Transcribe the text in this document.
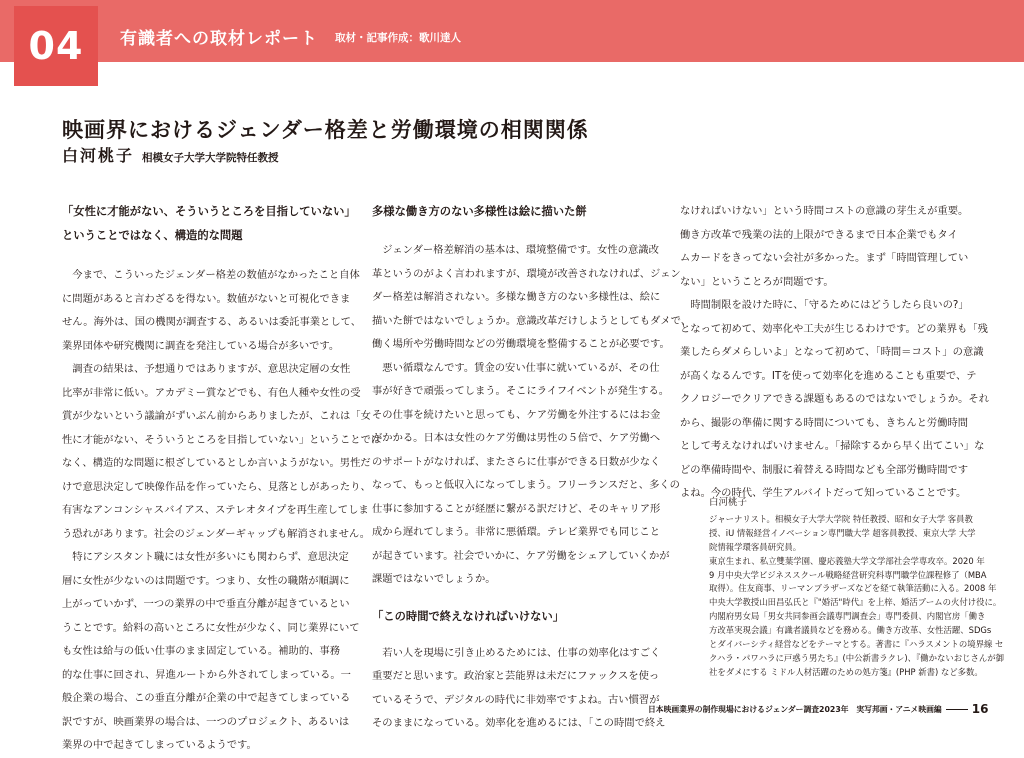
04	有識者への取材レポート 取材・記事作成：歌川達人
映画界におけるジェンダー格差と労働環境の相関関係
白河桃子 相模女子大学大学院特任教授

「女性に才能がない、そういうところを目指していない」

ということではなく、構造的な問題

　今まで、こういったジェンダー格差の数値がなかったこと自体

に問題があると言わざるを得ない。数値がないと可視化できま

せん。海外は、国の機関が調査する、あるいは委託事業として、

業界団体や研究機関に調査を発注している場合が多いです。

　調査の結果は、予想通りではありますが、意思決定層の女性

比率が非常に低い。アカデミー賞などでも、有色人種や女性の受

賞が少ないという議論がずいぶん前からありましたが、これは「女

性に才能がない、そういうところを目指していない」ということでは

なく、構造的な問題に根ざしているとしか言いようがない。男性だ

けで意思決定して映像作品を作っていたら、見落としがあったり、

有害なアンコンシャスバイアス、ステレオタイプを再生産してしま

う恐れがあります。社会のジェンダーギャップも解消されません。

　特にアシスタント職には女性が多いにも関わらず、意思決定

層に女性が少ないのは問題です。つまり、女性の職階が順調に

上がっていかず、一つの業界の中で垂直分離が起きているとい

うことです。給料の高いところに女性が少なく、同じ業界にいて

も女性は給与の低い仕事のまま固定している。補助的、事務

的な仕事に回され、昇進ルートから外されてしまっている。一

般企業の場合、この垂直分離が企業の中で起きてしまっている

訳ですが、映画業界の場合は、一つのプロジェクト、あるいは

業界の中で起きてしまっているようです。

多様な働き方のない多様性は絵に描いた餅

　ジェンダー格差解消の基本は、環境整備です。女性の意識改

革というのがよく言われますが、環境が改善されなければ、ジェン

ダー格差は解消されない。多様な働き方のない多様性は、絵に

描いた餅ではないでしょうか。意識改革だけしようとしてもダメで、

働く場所や労働時間などの労働環境を整備することが必要です。

　悪い循環なんです。賃金の安い仕事に就いているが、その仕

事が好きで頑張ってしまう。そこにライフイベントが発生する。

その仕事を続けたいと思っても、ケア労働を外注するにはお金

がかかる。日本は女性のケア労働は男性の５倍で、ケア労働へ

のサポートがなければ、またさらに仕事ができる日数が少なく

なって、もっと低収入になってしまう。フリーランスだと、多くの

仕事に参加することが経歴に繋がる訳だけど、そのキャリア形

成から遅れてしまう。非常に悪循環。テレビ業界でも同じこと

が起きています。社会でいかに、ケア労働をシェアしていくかが

課題ではないでしょうか。

「この時間で終えなければいけない」

　若い人を現場に引き止めるためには、仕事の効率化はすごく

重要だと思います。政治家と芸能界は未だにファックスを使っ

ているそうで、デジタルの時代に非効率ですよね。古い慣習が

そのままになっている。効率化を進めるには、「この時間で終え

なければいけない」という時間コストの意識の芽生えが重要。

働き方改革で残業の法的上限ができるまで日本企業でもタイ

ムカードをきってない会社が多かった。まず「時間管理してい

ない」ということろが問題です。

　時間制限を設けた時に、「守るためにはどうしたら良いの?」

となって初めて、効率化や工夫が生じるわけです。どの業界も「残

業したらダメらしいよ」となって初めて、「時間＝コスト」の意識

が高くなるんです。ITを使って効率化を進めることも重要で、テ

クノロジーでクリアできる課題もあるのではないでしょうか。それ

から、撮影の準備に関する時間についても、きちんと労働時間

として考えなければいけません。「掃除するから早く出てこい」な

どの準備時間や、制服に着替える時間なども全部労働時間です

よね。今の時代、学生アルバイトだって知っていることです。

白河桃子

ジャーナリスト。相模女子大学大学院 特任教授、昭和女子大学 客員教

授、iU 情報経営イノベーション専門職大学 超客員教授、東京大学 大学

院情報学環客員研究員。

東京生まれ、私立雙葉学園、慶応義塾大学文学部社会学専攻卒。2020 年

9 月中央大学ビジネススクール戦略経営研究科専門職学位課程修了（MBA

取得）。住友商事、リーマンブラザーズなどを経て執筆活動に入る。2008 年

中央大学教授山田昌弘氏と『"婚活"時代』を上梓、婚活ブームの火付け役に。

内閣府男女局「男女共同参画会議専門調査会」専門委員、内閣官房「働き

方改革実現会議」有識者議員などを務める。働き方改革、女性活躍、SDGs

とダイバーシティ経営などをテーマとする。著書に『ハラスメントの境界線 セ

クハラ・パワハラに戸惑う男たち』(中公新書ラクレ)、『働かないおじさんが御

社をダメにする ミドル人材活躍のための処方箋』(PHP 新書) など多数。

日本映画業界の制作現場におけるジェンダー調査2023年　実写邦画・アニメ映画編	16
